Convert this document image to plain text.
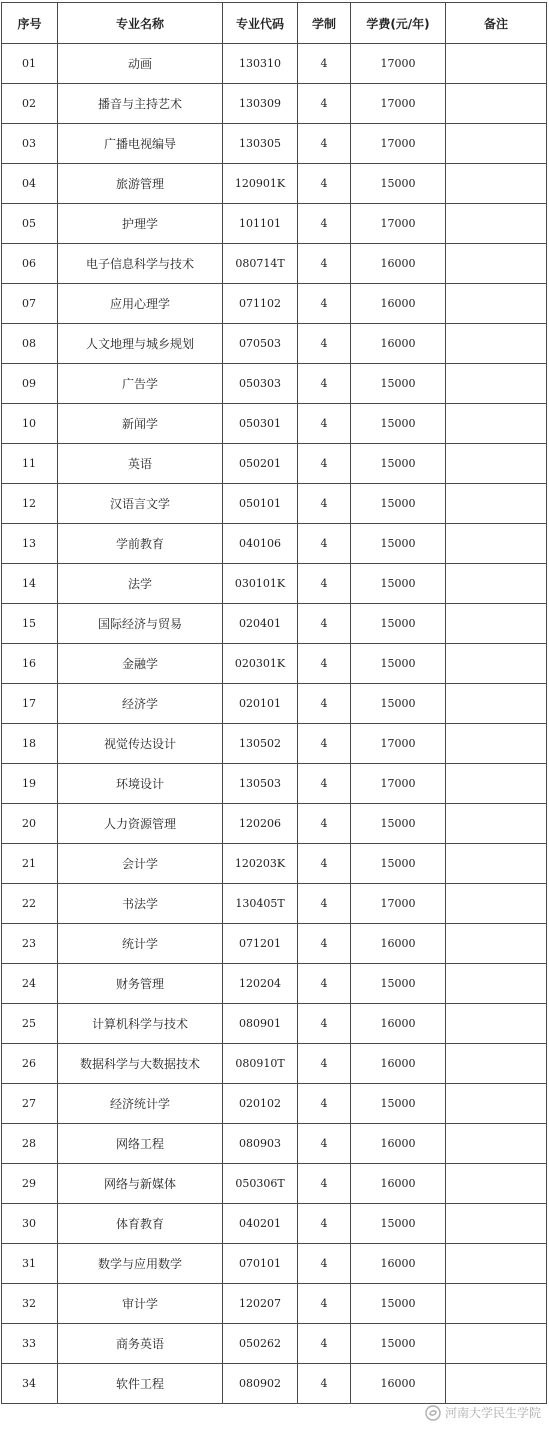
序号	专业名称	专业代码	学制	学费(元/年)	备注
01	动画	130310	4	17000	
02	播音与主持艺术	130309	4	17000	
03	广播电视编导	130305	4	17000	
04	旅游管理	120901K	4	15000	
05	护理学	101101	4	17000	
06	电子信息科学与技术	080714T	4	16000	
07	应用心理学	071102	4	16000	
08	人文地理与城乡规划	070503	4	16000	
09	广告学	050303	4	15000	
10	新闻学	050301	4	15000	
11	英语	050201	4	15000	
12	汉语言文学	050101	4	15000	
13	学前教育	040106	4	15000	
14	法学	030101K	4	15000	
15	国际经济与贸易	020401	4	15000	
16	金融学	020301K	4	15000	
17	经济学	020101	4	15000	
18	视觉传达设计	130502	4	17000	
19	环境设计	130503	4	17000	
20	人力资源管理	120206	4	15000	
21	会计学	120203K	4	15000	
22	书法学	130405T	4	17000	
23	统计学	071201	4	16000	
24	财务管理	120204	4	15000	
25	计算机科学与技术	080901	4	16000	
26	数据科学与大数据技术	080910T	4	16000	
27	经济统计学	020102	4	15000	
28	网络工程	080903	4	16000	
29	网络与新媒体	050306T	4	16000	
30	体育教育	040201	4	15000	
31	数学与应用数学	070101	4	16000	
32	审计学	120207	4	15000	
33	商务英语	050262	4	15000	
34	软件工程	080902	4	16000	
河南大学民生学院
